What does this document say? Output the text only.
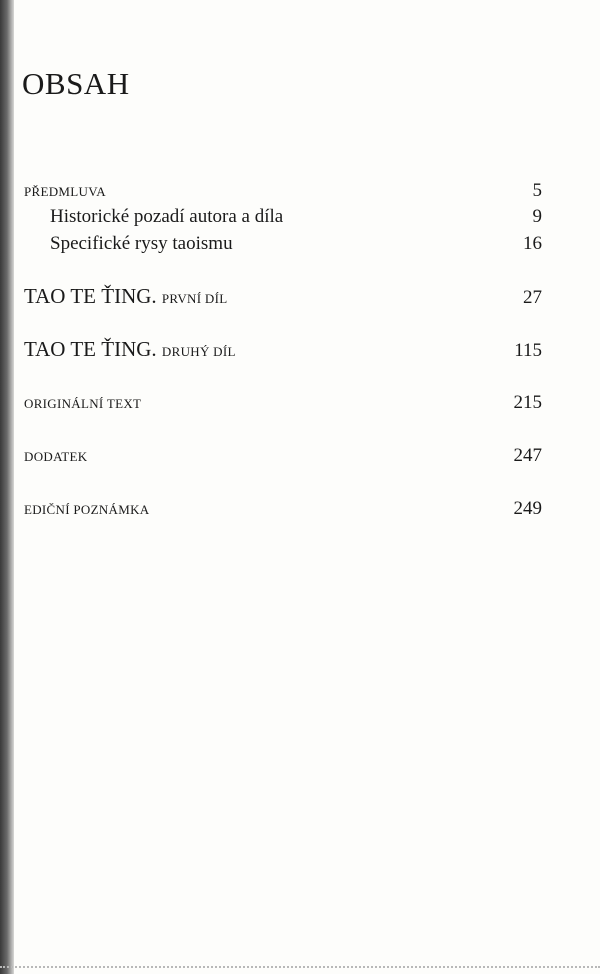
OBSAH
PŘEDMLUVA	5
Historické pozadí autora a díla	9
Specifické rysy taoismu	16
TAO TE ŤING. PRVNÍ DÍL	27
TAO TE ŤING. DRUHÝ DÍL	115
ORIGINÁLNÍ TEXT	215
DODATEK	247
EDIČNÍ POZNÁMKA	249
